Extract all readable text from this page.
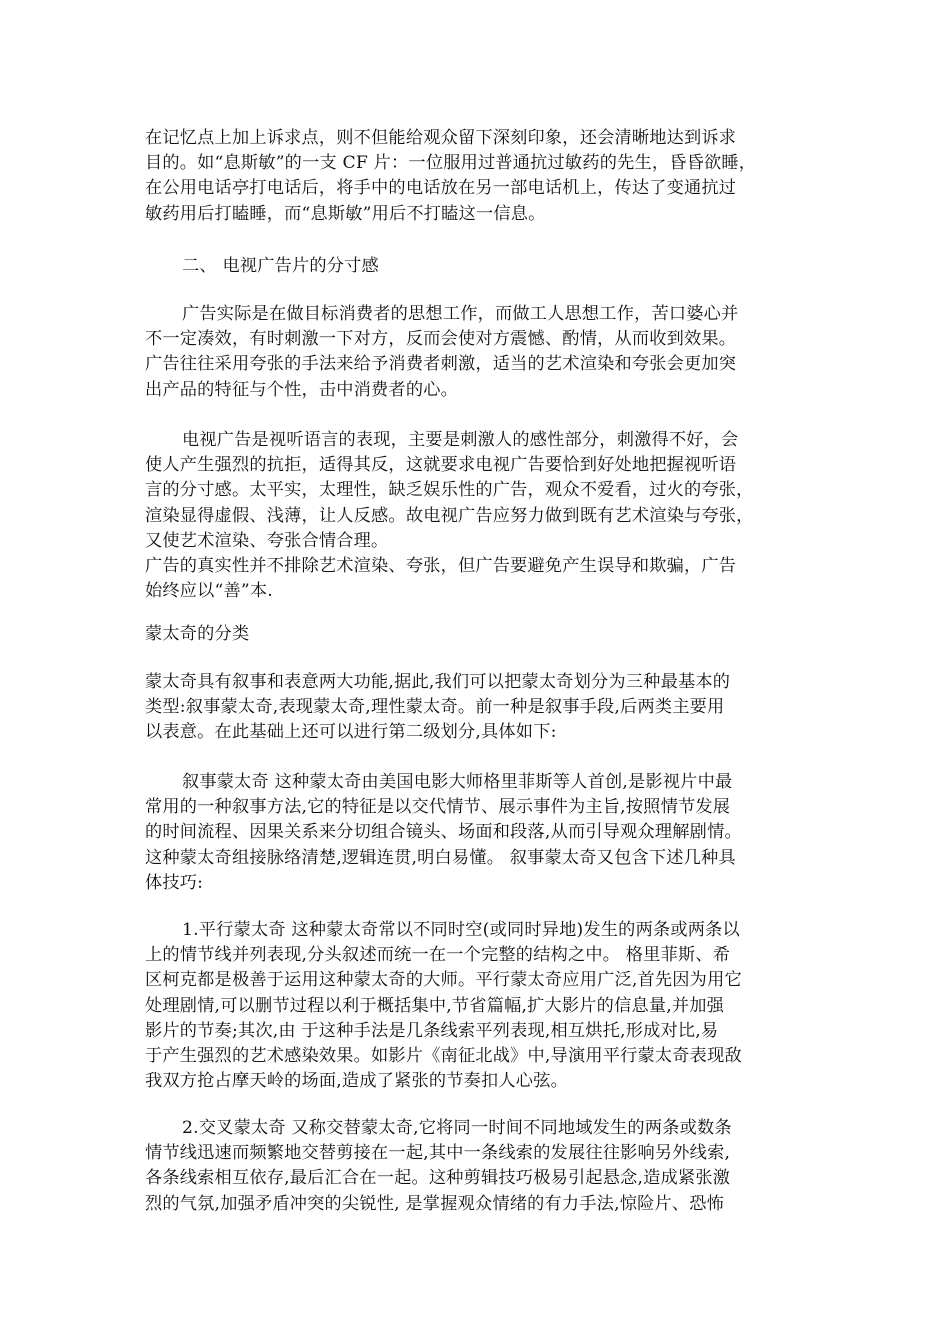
在记忆点上加上诉求点，则不但能给观众留下深刻印象，还会清晰地达到诉求
目的。如“息斯敏”的一支 CF 片：一位服用过普通抗过敏药的先生，昏昏欲睡，
在公用电话亭打电话后，将手中的电话放在另一部电话机上，传达了变通抗过
敏药用后打瞌睡，而“息斯敏”用后不打瞌这一信息。
二、 电视广告片的分寸感
广告实际是在做目标消费者的思想工作，而做工人思想工作，苦口婆心并
不一定凑效，有时刺激一下对方，反而会使对方震憾、酌情，从而收到效果。
广告往往采用夸张的手法来给予消费者刺激，适当的艺术渲染和夸张会更加突
出产品的特征与个性，击中消费者的心。
电视广告是视听语言的表现，主要是刺激人的感性部分，刺激得不好，会
使人产生强烈的抗拒，适得其反，这就要求电视广告要恰到好处地把握视听语
言的分寸感。太平实，太理性，缺乏娱乐性的广告，观众不爱看，过火的夸张，
渲染显得虚假、浅薄，让人反感。故电视广告应努力做到既有艺术渲染与夸张，
又使艺术渲染、夸张合情合理。
广告的真实性并不排除艺术渲染、夸张，但广告要避免产生误导和欺骗，广告
始终应以“善”本.
蒙太奇的分类
蒙太奇具有叙事和表意两大功能,据此,我们可以把蒙太奇划分为三种最基本的
类型:叙事蒙太奇,表现蒙太奇,理性蒙太奇。前一种是叙事手段,后两类主要用
以表意。在此基础上还可以进行第二级划分,具体如下:
叙事蒙太奇 这种蒙太奇由美国电影大师格里菲斯等人首创,是影视片中最
常用的一种叙事方法,它的特征是以交代情节、展示事件为主旨,按照情节发展
的时间流程、因果关系来分切组合镜头、场面和段落,从而引导观众理解剧情。
这种蒙太奇组接脉络清楚,逻辑连贯,明白易懂。 叙事蒙太奇又包含下述几种具
体技巧:
1.平行蒙太奇 这种蒙太奇常以不同时空(或同时异地)发生的两条或两条以
上的情节线并列表现,分头叙述而统一在一个完整的结构之中。 格里菲斯、希
区柯克都是极善于运用这种蒙太奇的大师。平行蒙太奇应用广泛,首先因为用它
处理剧情,可以删节过程以利于概括集中,节省篇幅,扩大影片的信息量,并加强
影片的节奏;其次,由 于这种手法是几条线索平列表现,相互烘托,形成对比,易
于产生强烈的艺术感染效果。如影片《南征北战》中,导演用平行蒙太奇表现敌
我双方抢占摩天岭的场面,造成了紧张的节奏扣人心弦。
2.交叉蒙太奇 又称交替蒙太奇,它将同一时间不同地域发生的两条或数条
情节线迅速而频繁地交替剪接在一起,其中一条线索的发展往往影响另外线索,
各条线索相互依存,最后汇合在一起。这种剪辑技巧极易引起悬念,造成紧张激
烈的气氛,加强矛盾冲突的尖锐性, 是掌握观众情绪的有力手法,惊险片、恐怖
